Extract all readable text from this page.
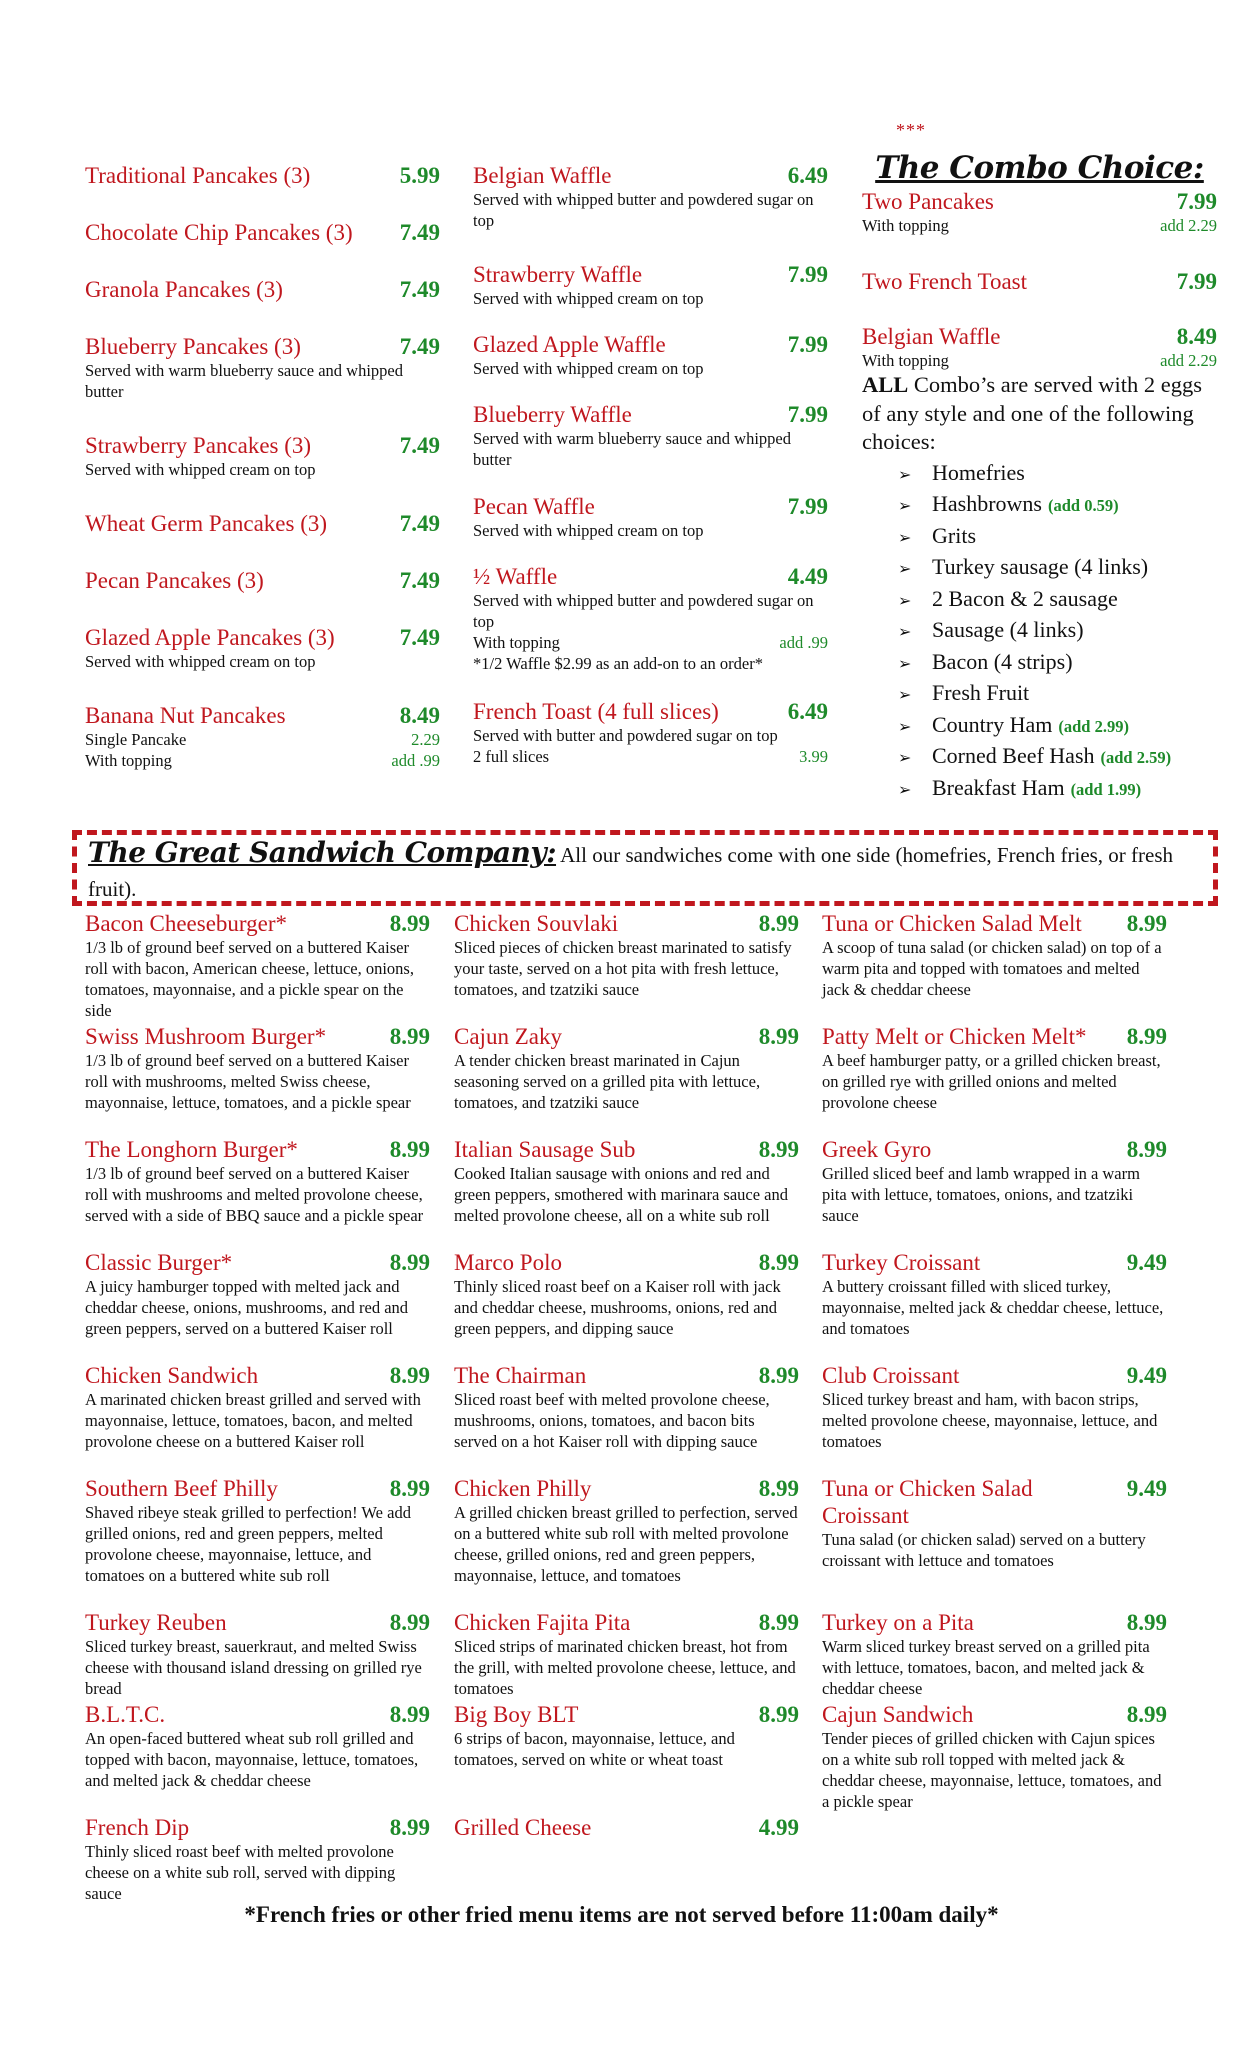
Traditional Pancakes (3)	5.99
Chocolate Chip Pancakes (3) 7.49
Granola Pancakes (3)	7.49
Blueberry Pancakes (3)	7.49
Served with warm blueberry sauce and whipped butter
Strawberry Pancakes (3)	7.49
Served with whipped cream on top
Wheat Germ Pancakes (3)	7.49
Pecan Pancakes (3)	7.49
Glazed Apple Pancakes (3)	7.49
Served with whipped cream on top
Banana Nut Pancakes	8.49
Single Pancake	2.29
With topping	add .99
Belgian Waffle	6.49
Served with whipped butter and powdered sugar on top
Strawberry Waffle	7.99
Served with whipped cream on top
Glazed Apple Waffle	7.99
Served with whipped cream on top
Blueberry Waffle	7.99
Served with warm blueberry sauce and whipped butter
Pecan Waffle	7.99
Served with whipped cream on top
½ Waffle	4.49
Served with whipped butter and powdered sugar on top
With topping	add .99
*1/2 Waffle $2.99 as an add-on to an order*
French Toast (4 full slices)	6.49
Served with butter and powdered sugar on top
2 full slices	3.99
***
The Combo Choice:
Two Pancakes	7.99
With topping	add 2.29
Two French Toast	7.99
Belgian Waffle	8.49
With topping	add 2.29
ALL Combo’s are served with 2 eggs of any style and one of the following choices:
➢ Homefries
➢ Hashbrowns (add 0.59)
➢ Grits
➢ Turkey sausage (4 links)
➢ 2 Bacon & 2 sausage
➢ Sausage (4 links)
➢ Bacon (4 strips)
➢ Fresh Fruit
➢ Country Ham (add 2.99)
➢ Corned Beef Hash (add 2.59)
➢ Breakfast Ham (add 1.99)
The Great Sandwich Company: All our sandwiches come with one side (homefries, French fries, or fresh fruit).
Bacon Cheeseburger*	8.99
1/3 lb of ground beef served on a buttered Kaiser roll with bacon, American cheese, lettuce, onions, tomatoes, mayonnaise, and a pickle spear on the side
Swiss Mushroom Burger*	8.99
1/3 lb of ground beef served on a buttered Kaiser roll with mushrooms, melted Swiss cheese, mayonnaise, lettuce, tomatoes, and a pickle spear
The Longhorn Burger*	8.99
1/3 lb of ground beef served on a buttered Kaiser roll with mushrooms and melted provolone cheese, served with a side of BBQ sauce and a pickle spear
Classic Burger*	8.99
A juicy hamburger topped with melted jack and cheddar cheese, onions, mushrooms, and red and green peppers, served on a buttered Kaiser roll
Chicken Sandwich	8.99
A marinated chicken breast grilled and served with mayonnaise, lettuce, tomatoes, bacon, and melted provolone cheese on a buttered Kaiser roll
Southern Beef Philly	8.99
Shaved ribeye steak grilled to perfection! We add grilled onions, red and green peppers, melted provolone cheese, mayonnaise, lettuce, and tomatoes on a buttered white sub roll
Turkey Reuben	8.99
Sliced turkey breast, sauerkraut, and melted Swiss cheese with thousand island dressing on grilled rye bread
B.L.T.C.	8.99
An open-faced buttered wheat sub roll grilled and topped with bacon, mayonnaise, lettuce, tomatoes, and melted jack & cheddar cheese
French Dip	8.99
Thinly sliced roast beef with melted provolone cheese on a white sub roll, served with dipping sauce
Chicken Souvlaki	8.99
Sliced pieces of chicken breast marinated to satisfy your taste, served on a hot pita with fresh lettuce, tomatoes, and tzatziki sauce
Cajun Zaky	8.99
A tender chicken breast marinated in Cajun seasoning served on a grilled pita with lettuce, tomatoes, and tzatziki sauce
Italian Sausage Sub	8.99
Cooked Italian sausage with onions and red and green peppers, smothered with marinara sauce and melted provolone cheese, all on a white sub roll
Marco Polo	8.99
Thinly sliced roast beef on a Kaiser roll with jack and cheddar cheese, mushrooms, onions, red and green peppers, and dipping sauce
The Chairman	8.99
Sliced roast beef with melted provolone cheese, mushrooms, onions, tomatoes, and bacon bits served on a hot Kaiser roll with dipping sauce
Chicken Philly	8.99
A grilled chicken breast grilled to perfection, served on a buttered white sub roll with melted provolone cheese, grilled onions, red and green peppers, mayonnaise, lettuce, and tomatoes
Chicken Fajita Pita	8.99
Sliced strips of marinated chicken breast, hot from the grill, with melted provolone cheese, lettuce, and tomatoes
Big Boy BLT	8.99
6 strips of bacon, mayonnaise, lettuce, and tomatoes, served on white or wheat toast
Grilled Cheese	4.99
Tuna or Chicken Salad Melt 8.99
A scoop of tuna salad (or chicken salad) on top of a warm pita and topped with tomatoes and melted jack & cheddar cheese
Patty Melt or Chicken Melt* 8.99
A beef hamburger patty, or a grilled chicken breast, on grilled rye with grilled onions and melted provolone cheese
Greek Gyro	8.99
Grilled sliced beef and lamb wrapped in a warm pita with lettuce, tomatoes, onions, and tzatziki sauce
Turkey Croissant	9.49
A buttery croissant filled with sliced turkey, mayonnaise, melted jack & cheddar cheese, lettuce, and tomatoes
Club Croissant	9.49
Sliced turkey breast and ham, with bacon strips, melted provolone cheese, mayonnaise, lettuce, and tomatoes
Tuna or Chicken Salad Croissant
9.49
Tuna salad (or chicken salad) served on a buttery croissant with lettuce and tomatoes
Turkey on a Pita	8.99
Warm sliced turkey breast served on a grilled pita with lettuce, tomatoes, bacon, and melted jack & cheddar cheese
Cajun Sandwich	8.99
Tender pieces of grilled chicken with Cajun spices on a white sub roll topped with melted jack & cheddar cheese, mayonnaise, lettuce, tomatoes, and a pickle spear
*French fries or other fried menu items are not served before 11:00am daily*
